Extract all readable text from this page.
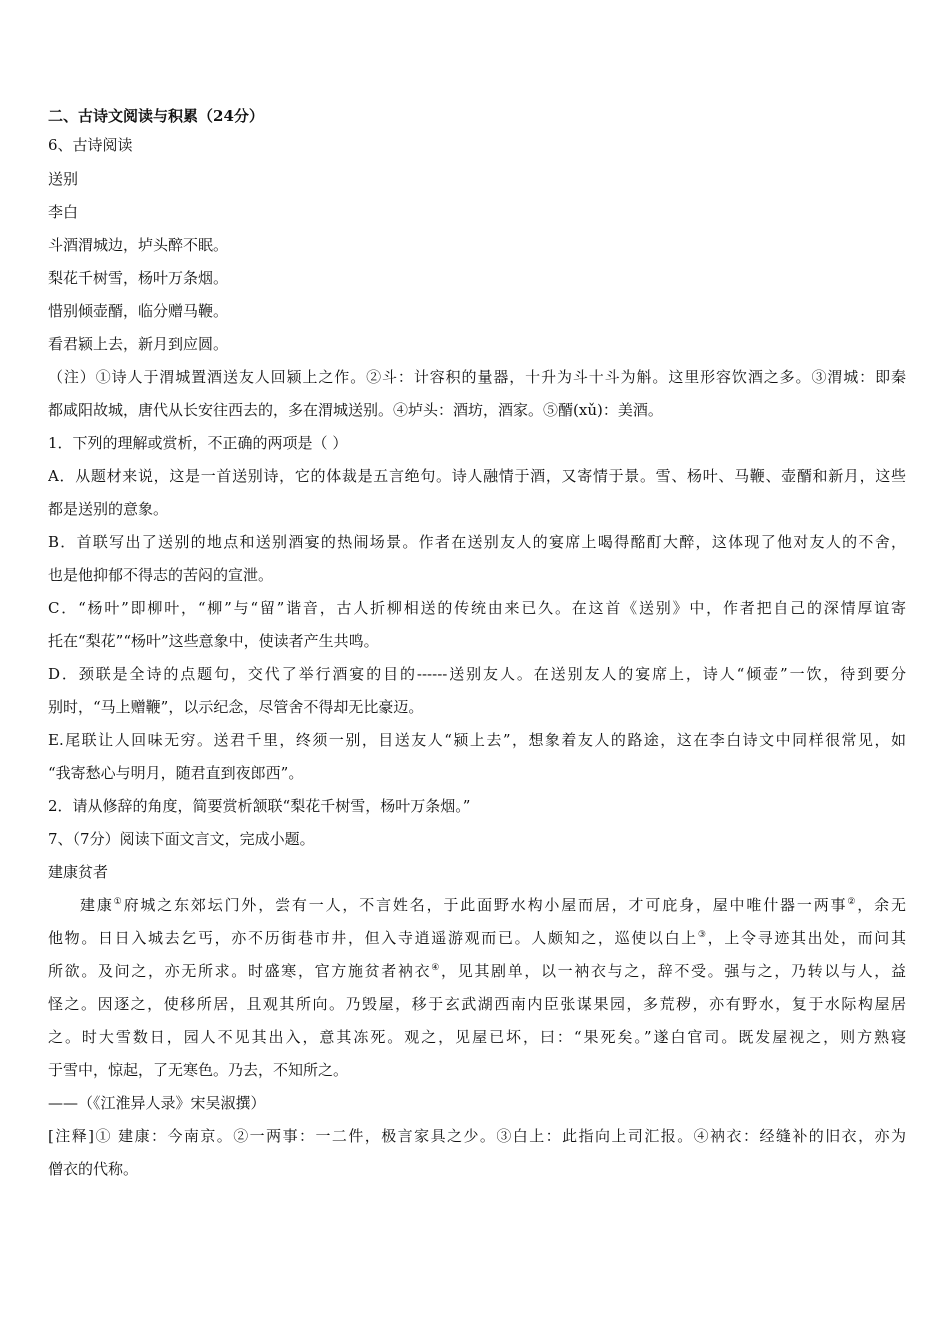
二、古诗文阅读与积累（24分）
6、古诗阅读
送别
李白
斗酒渭城边，垆头醉不眠。
梨花千树雪，杨叶万条烟。
惜别倾壶醑，临分赠马鞭。
看君颍上去，新月到应圆。
（注）①诗人于渭城置酒送友人回颍上之作。②斗：计容积的量器，十升为斗十斗为斛。这里形容饮酒之多。③渭城：即秦
都咸阳故城，唐代从长安往西去的，多在渭城送别。④垆头：酒坊，酒家。⑤醑(xǔ)：美酒。
1．下列的理解或赏析，不正确的两项是（ ）
A．从题材来说，这是一首送别诗，它的体裁是五言绝句。诗人融情于酒，又寄情于景。雪、杨叶、马鞭、壶醑和新月，这些
都是送别的意象。
B．首联写出了送别的地点和送别酒宴的热闹场景。作者在送别友人的宴席上喝得酩酊大醉，这体现了他对友人的不舍，
也是他抑郁不得志的苦闷的宣泄。
C．“杨叶”即柳叶，“柳”与“留”谐音，古人折柳相送的传统由来已久。在这首《送别》中，作者把自己的深情厚谊寄
托在“梨花”“杨叶”这些意象中，使读者产生共鸣。
D．颈联是全诗的点题句，交代了举行酒宴的目的------送别友人。在送别友人的宴席上，诗人“倾壶”一饮，待到要分
别时，“马上赠鞭”，以示纪念，尽管舍不得却无比豪迈。
E.尾联让人回味无穷。送君千里，终须一别，目送友人“颍上去”，想象着友人的路途，这在李白诗文中同样很常见，如
“我寄愁心与明月，随君直到夜郎西”。
2．请从修辞的角度，简要赏析颔联“梨花千树雪，杨叶万条烟。”
7、（7分）阅读下面文言文，完成小题。
建康贫者
建康①府城之东郊坛门外，尝有一人，不言姓名，于此面野水构小屋而居，才可庇身，屋中唯什器一两事②，余无
他物。日日入城去乞丐，亦不历街巷市井，但入寺逍遥游观而已。人颇知之，巡使以白上③，上令寻迹其出处，而问其
所欲。及问之，亦无所求。时盛寒，官方施贫者衲衣④，见其剧单，以一衲衣与之，辞不受。强与之，乃转以与人，益
怪之。因逐之，使移所居，且观其所向。乃毁屋，移于玄武湖西南内臣张谋果园，多荒秽，亦有野水，复于水际构屋居
之。时大雪数日，园人不见其出入，意其冻死。观之，见屋已坏，曰：“果死矣。”遂白官司。既发屋视之，则方熟寝
于雪中，惊起，了无寒色。乃去，不知所之。
——（《江淮异人录》宋吴淑撰）
[注释]① 建康：今南京。②一两事：一二件，极言家具之少。③白上：此指向上司汇报。④衲衣：经缝补的旧衣，亦为
僧衣的代称。
